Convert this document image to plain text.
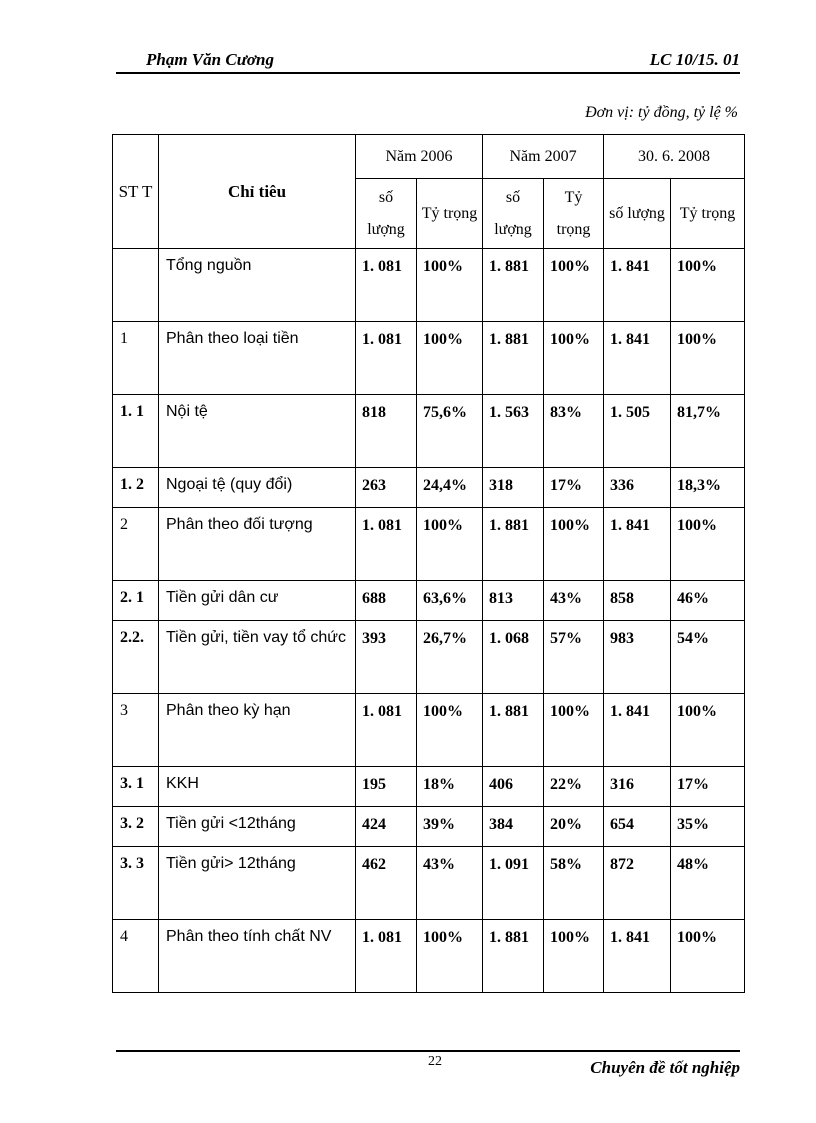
Phạm Văn Cương	LC 10/15. 01
Đơn vị: tỷ đồng, tỷ lệ %
ST T	Chỉ tiêu	Năm 2006		Năm 2007		30. 6. 2008	
		số lượng	Tỷ trọng	số lượng	Tỷ trọng	số lượng	Tỷ trọng
	Tổng nguồn	1. 081	100%	1. 881	100%	1. 841	100%
1	Phân theo loại tiền	1. 081	100%	1. 881	100%	1. 841	100%
1. 1	Nội tệ	818	75,6%	1. 563	83%	1. 505	81,7%
1. 2	Ngoại tệ (quy đổi)	263	24,4%	318	17%	336	18,3%
2	Phân theo đối tượng	1. 081	100%	1. 881	100%	1. 841	100%
2. 1	Tiền gửi dân cư	688	63,6%	813	43%	858	46%
2.2.	Tiền gửi, tiền vay tổ chức	393	26,7%	1. 068	57%	983	54%
3	Phân theo kỳ hạn	1. 081	100%	1. 881	100%	1. 841	100%
3. 1	KKH	195	18%	406	22%	316	17%
3. 2	Tiền gửi <12tháng	424	39%	384	20%	654	35%
3. 3	Tiền gửi> 12tháng	462	43%	1. 091	58%	872	48%
4	Phân theo tính chất NV	1. 081	100%	1. 881	100%	1. 841	100%
22	Chuyên đề tốt nghiệp
